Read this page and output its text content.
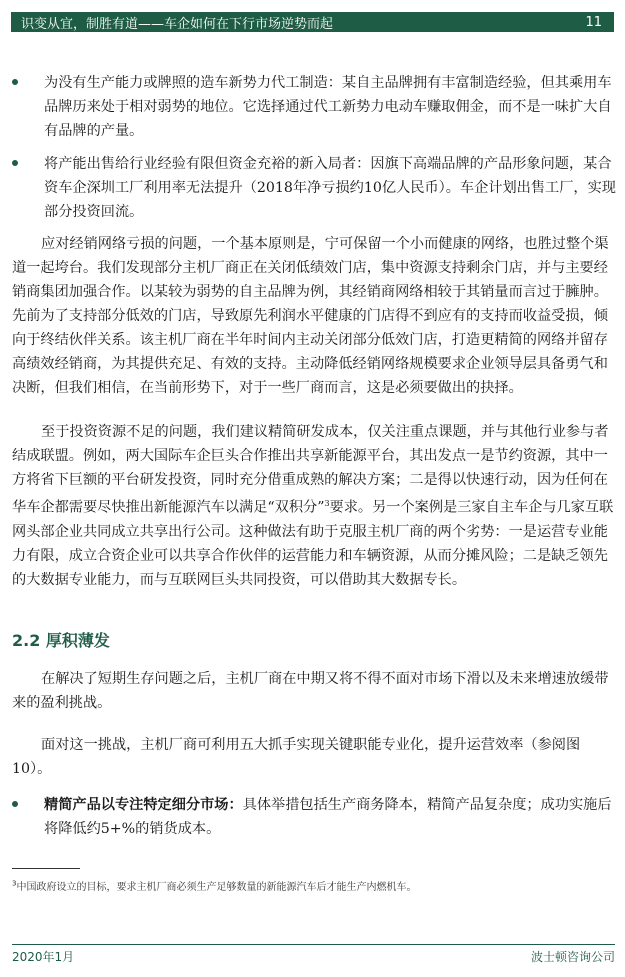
识变从宜，制胜有道——车企如何在下行市场逆势而起	11
为没有生产能力或牌照的造车新势力代工制造：某自主品牌拥有丰富制造经验，但其乘用车品牌历来处于相对弱势的地位。它选择通过代工新势力电动车赚取佣金，而不是一味扩大自有品牌的产量。
将产能出售给行业经验有限但资金充裕的新入局者：因旗下高端品牌的产品形象问题，某合资车企深圳工厂利用率无法提升（2018年净亏损约10亿人民币）。车企计划出售工厂，实现部分投资回流。
应对经销网络亏损的问题，一个基本原则是，宁可保留一个小而健康的网络，也胜过整个渠道一起垮台。我们发现部分主机厂商正在关闭低绩效门店，集中资源支持剩余门店，并与主要经销商集团加强合作。以某较为弱势的自主品牌为例，其经销商网络相较于其销量而言过于臃肿。先前为了支持部分低效的门店，导致原先利润水平健康的门店得不到应有的支持而收益受损，倾向于终结伙伴关系。该主机厂商在半年时间内主动关闭部分低效门店，打造更精简的网络并留存高绩效经销商，为其提供充足、有效的支持。主动降低经销网络规模要求企业领导层具备勇气和决断，但我们相信，在当前形势下，对于一些厂商而言，这是必须要做出的抉择。
至于投资资源不足的问题，我们建议精简研发成本，仅关注重点课题，并与其他行业参与者结成联盟。例如，两大国际车企巨头合作推出共享新能源平台，其出发点一是节约资源，其中一方将省下巨额的平台研发投资，同时充分借重成熟的解决方案；二是得以快速行动，因为任何在华车企都需要尽快推出新能源汽车以满足“双积分”$^3$要求。另一个案例是三家自主车企与几家互联网头部企业共同成立共享出行公司。这种做法有助于克服主机厂商的两个劣势：一是运营专业能力有限，成立合资企业可以共享合作伙伴的运营能力和车辆资源，从而分摊风险；二是缺乏领先的大数据专业能力，而与互联网巨头共同投资，可以借助其大数据专长。
2.2 厚积薄发
在解决了短期生存问题之后，主机厂商在中期又将不得不面对市场下滑以及未来增速放缓带来的盈利挑战。
面对这一挑战，主机厂商可利用五大抓手实现关键职能专业化，提升运营效率（参阅图10）。
精简产品以专注特定细分市场：具体举措包括生产商务降本，精简产品复杂度；成功实施后将降低约5+%的销货成本。
$^3$中国政府设立的目标，要求主机厂商必须生产足够数量的新能源汽车后才能生产内燃机车。
2020年1月	波士顿咨询公司
